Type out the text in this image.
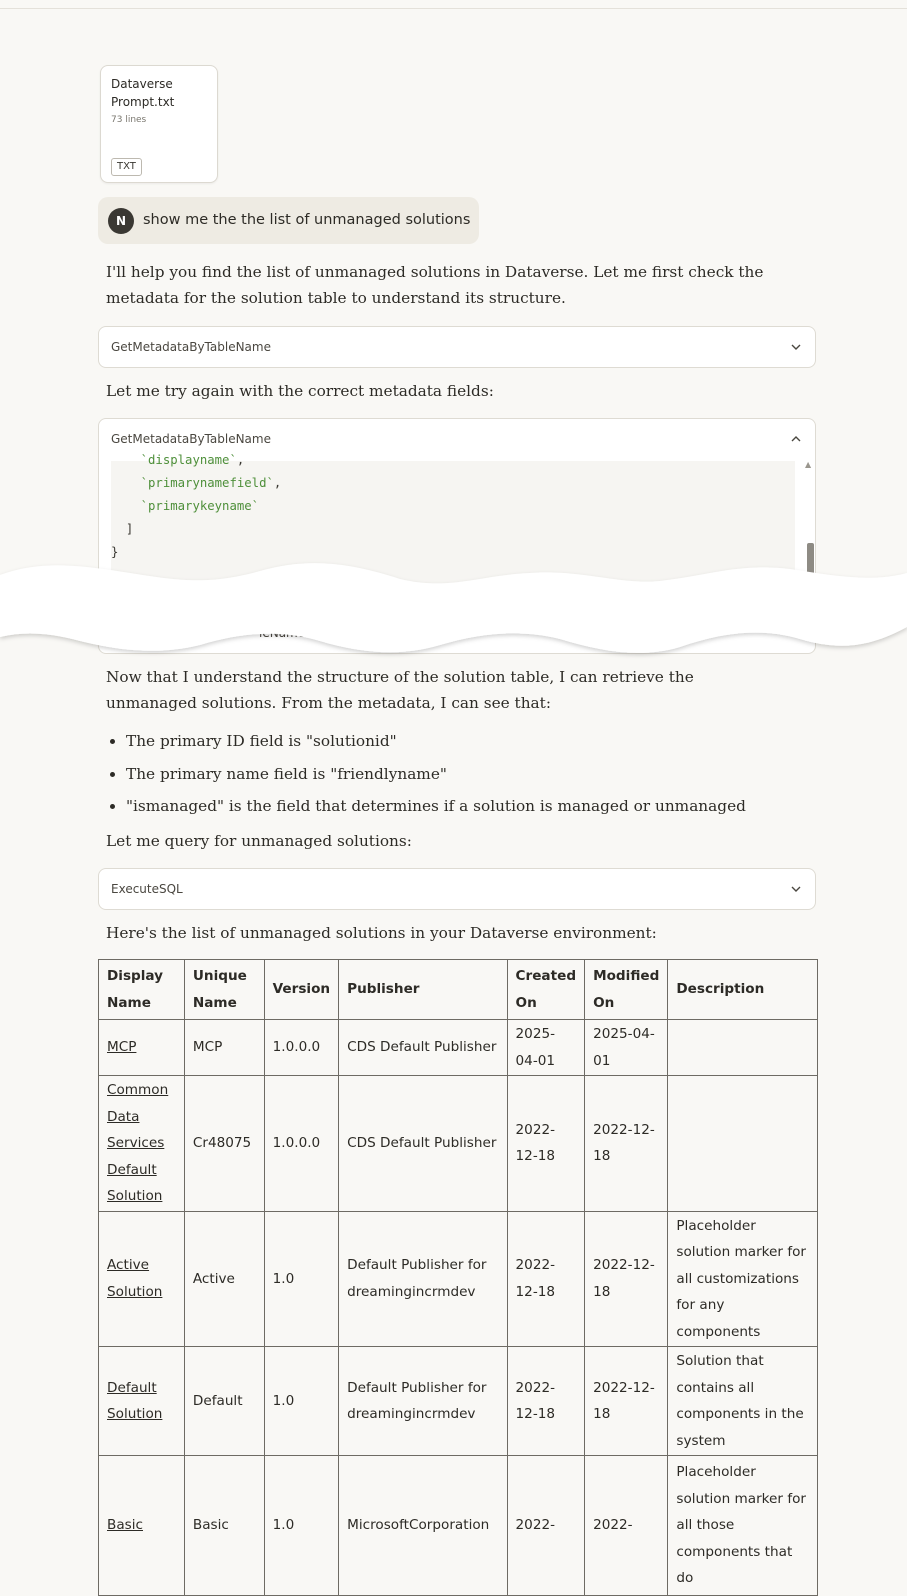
Dataverse Prompt.txt
73 lines
TXT
N	show me the the list of unmanaged solutions
I'll help you find the list of unmanaged solutions in Dataverse. Let me first check the metadata for the solution table to understand its structure.
GetMetadataByTableName
Let me try again with the correct metadata fields:
GetMetadataByTableName
`displayname`,
`primarynamefield`,
`primarykeyname`
]
}
▲
Now that I understand the structure of the solution table, I can retrieve the unmanaged solutions. From the metadata, I can see that:
• The primary ID field is "solutionid"
• The primary name field is "friendlyname"
• "ismanaged" is the field that determines if a solution is managed or unmanaged
Let me query for unmanaged solutions:
ExecuteSQL
Here's the list of unmanaged solutions in your Dataverse environment:
Display Name	Unique Name	Version	Publisher	Created On	Modified On	Description
MCP	MCP	1.0.0.0	CDS Default Publisher	2025-04-01	2025-04-01	
Common Data Services Default Solution	Cr48075	1.0.0.0	CDS Default Publisher	2022-12-18	2022-12-18	
Active Solution	Active	1.0	Default Publisher for dreamingincrmdev	2022-12-18	2022-12-18	Placeholder solution marker for all customizations for any components
Default Solution	Default	1.0	Default Publisher for dreamingincrmdev	2022-12-18	2022-12-18	Solution that contains all components in the system
Basic	Basic	1.0	MicrosoftCorporation	2022-	2022-	Placeholder solution marker for all those components that do
